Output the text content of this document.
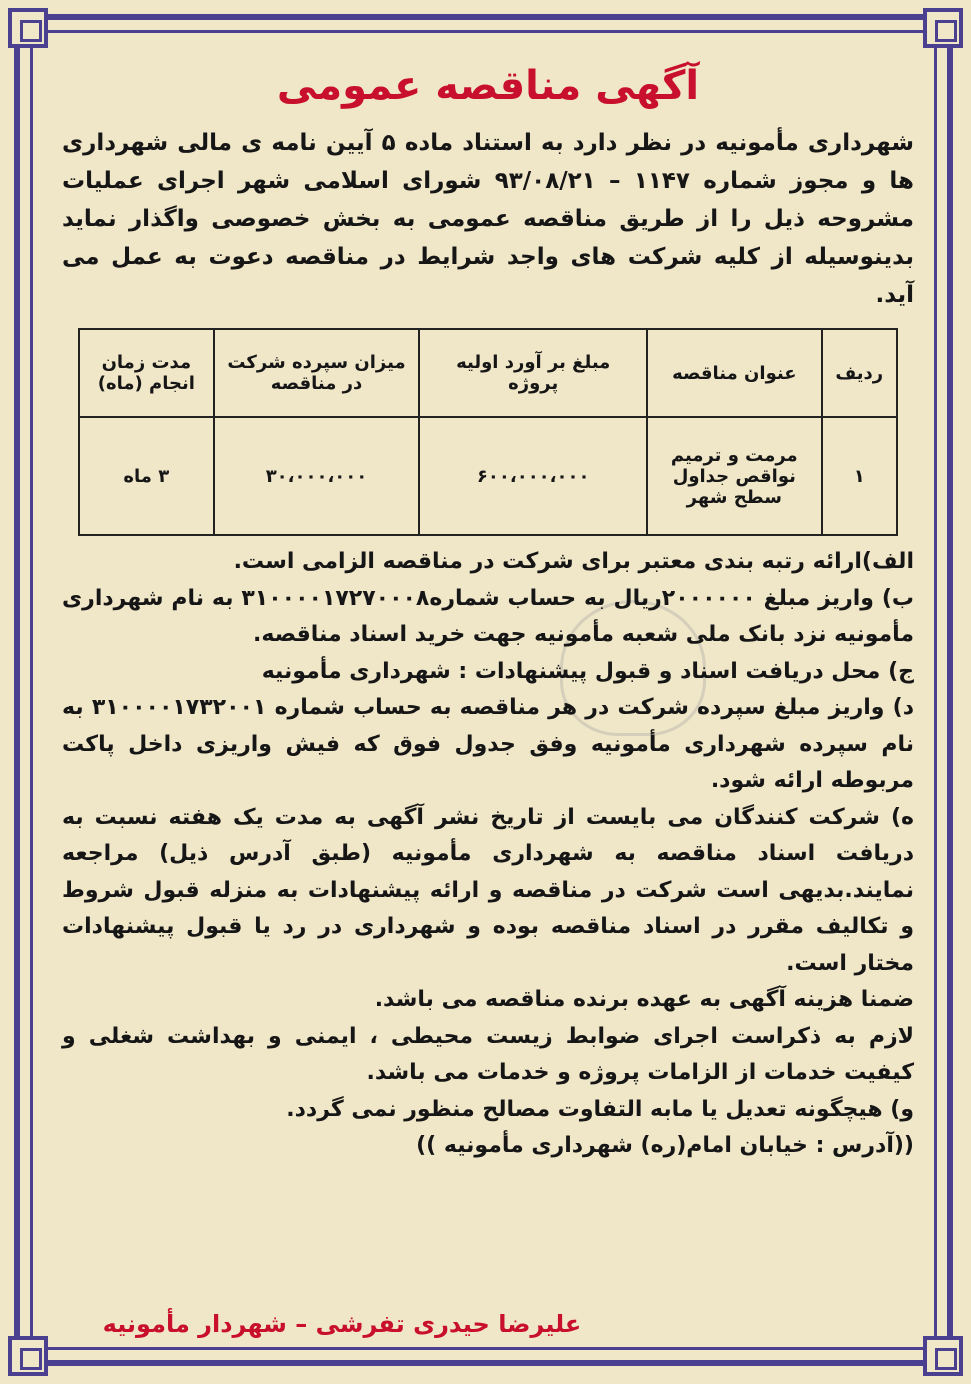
آگهی مناقصه عمومی

شهرداری مأمونیه در نظر دارد به استناد ماده ۵ آیین نامه ی مالی شهرداری ها و مجوز شماره ۱۱۴۷ – ۹۳/۰۸/۲۱ شورای اسلامی شهر اجرای عملیات مشروحه ذیل را از طریق مناقصه عمومی به بخش خصوصی واگذار نماید بدینوسیله از کلیه شرکت های واجد شرایط در مناقصه دعوت به عمل می آید.

ردیف	عنوان مناقصه	مبلغ بر آورد اولیه پروژه	میزان سپرده شرکت در مناقصه	مدت زمان انجام (ماه)
۱	مرمت و ترمیم نواقص جداول سطح شهر	۶۰۰،۰۰۰،۰۰۰	۳۰،۰۰۰،۰۰۰	۳ ماه

الف)ارائه رتبه بندی معتبر برای شرکت در مناقصه الزامی است.

ب) واریز مبلغ ۲۰۰۰۰۰۰ریال به حساب شماره۳۱۰۰۰۰۱۷۲۷۰۰۰۸ به نام شهرداری مأمونیه نزد بانک ملی شعبه مأمونیه جهت خرید اسناد مناقصه.

ج) محل دریافت اسناد و قبول پیشنهادات : شهرداری مأمونیه

د) واریز مبلغ سپرده شرکت در هر مناقصه به حساب شماره ۳۱۰۰۰۰۱۷۳۲۰۰۱ به نام سپرده شهرداری مأمونیه وفق جدول فوق که فیش واریزی داخل پاکت مربوطه ارائه شود.

ه) شرکت کنندگان می بایست از تاریخ نشر آگهی به مدت یک هفته نسبت به دریافت اسناد مناقصه به شهرداری مأمونیه (طبق آدرس ذیل) مراجعه نمایند.بدیهی است شرکت در مناقصه و ارائه پیشنهادات به منزله قبول شروط و تکالیف مقرر در اسناد مناقصه بوده و شهرداری در رد یا قبول پیشنهادات مختار است.

ضمنا هزینه آگهی به عهده برنده مناقصه می باشد.

لازم به ذکراست اجرای ضوابط زیست محیطی ، ایمنی و بهداشت شغلی و کیفیت خدمات از الزامات پروژه و خدمات می باشد.

و) هیچگونه تعدیل یا مابه التفاوت مصالح منظور نمی گردد.

((آدرس : خیابان امام(ره) شهرداری مأمونیه ))

علیرضا حیدری تفرشی – شهردار مأمونیه
